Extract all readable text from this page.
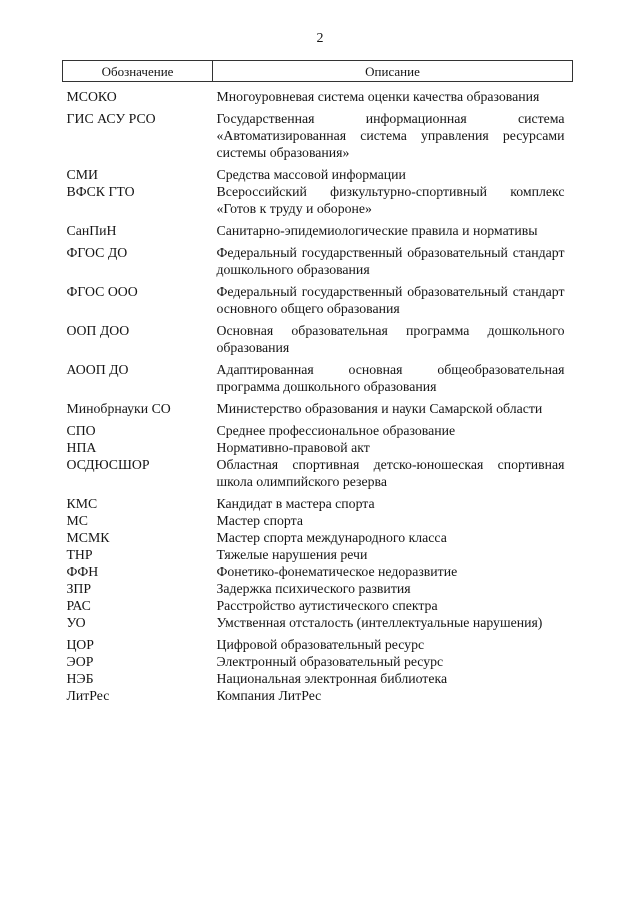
2
Обозначение	Описание
МСОКО	Многоуровневая система оценки качества образования
ГИС АСУ РСО	Государственная информационная система «Автоматизированная система управления ресурсами системы образования»
СМИ	Средства массовой информации
ВФСК ГТО	Всероссийский физкультурно-спортивный комплекс «Готов к труду и обороне»
СанПиН	Санитарно-эпидемиологические правила и нормативы
ФГОС ДО	Федеральный государственный образовательный стандарт дошкольного образования
ФГОС ООО	Федеральный государственный образовательный стандарт основного общего образования
ООП ДОО	Основная образовательная программа дошкольного образования
АООП ДО	Адаптированная основная общеобразовательная программа дошкольного образования
Минобрнауки СО	Министерство образования и науки Самарской области
СПО	Среднее профессиональное образование
НПА	Нормативно-правовой акт
ОСДЮСШОР	Областная спортивная детско-юношеская спортивная школа олимпийского резерва
КМС	Кандидат в мастера спорта
МС	Мастер спорта
МСМК	Мастер спорта международного класса
ТНР	Тяжелые нарушения речи
ФФН	Фонетико-фонематическое недоразвитие
ЗПР	Задержка психического развития
РАС	Расстройство аутистического спектра
УО	Умственная отсталость (интеллектуальные нарушения)
ЦОР	Цифровой образовательный ресурс
ЭОР	Электронный образовательный ресурс
НЭБ	Национальная электронная библиотека
ЛитРес	Компания ЛитРес
